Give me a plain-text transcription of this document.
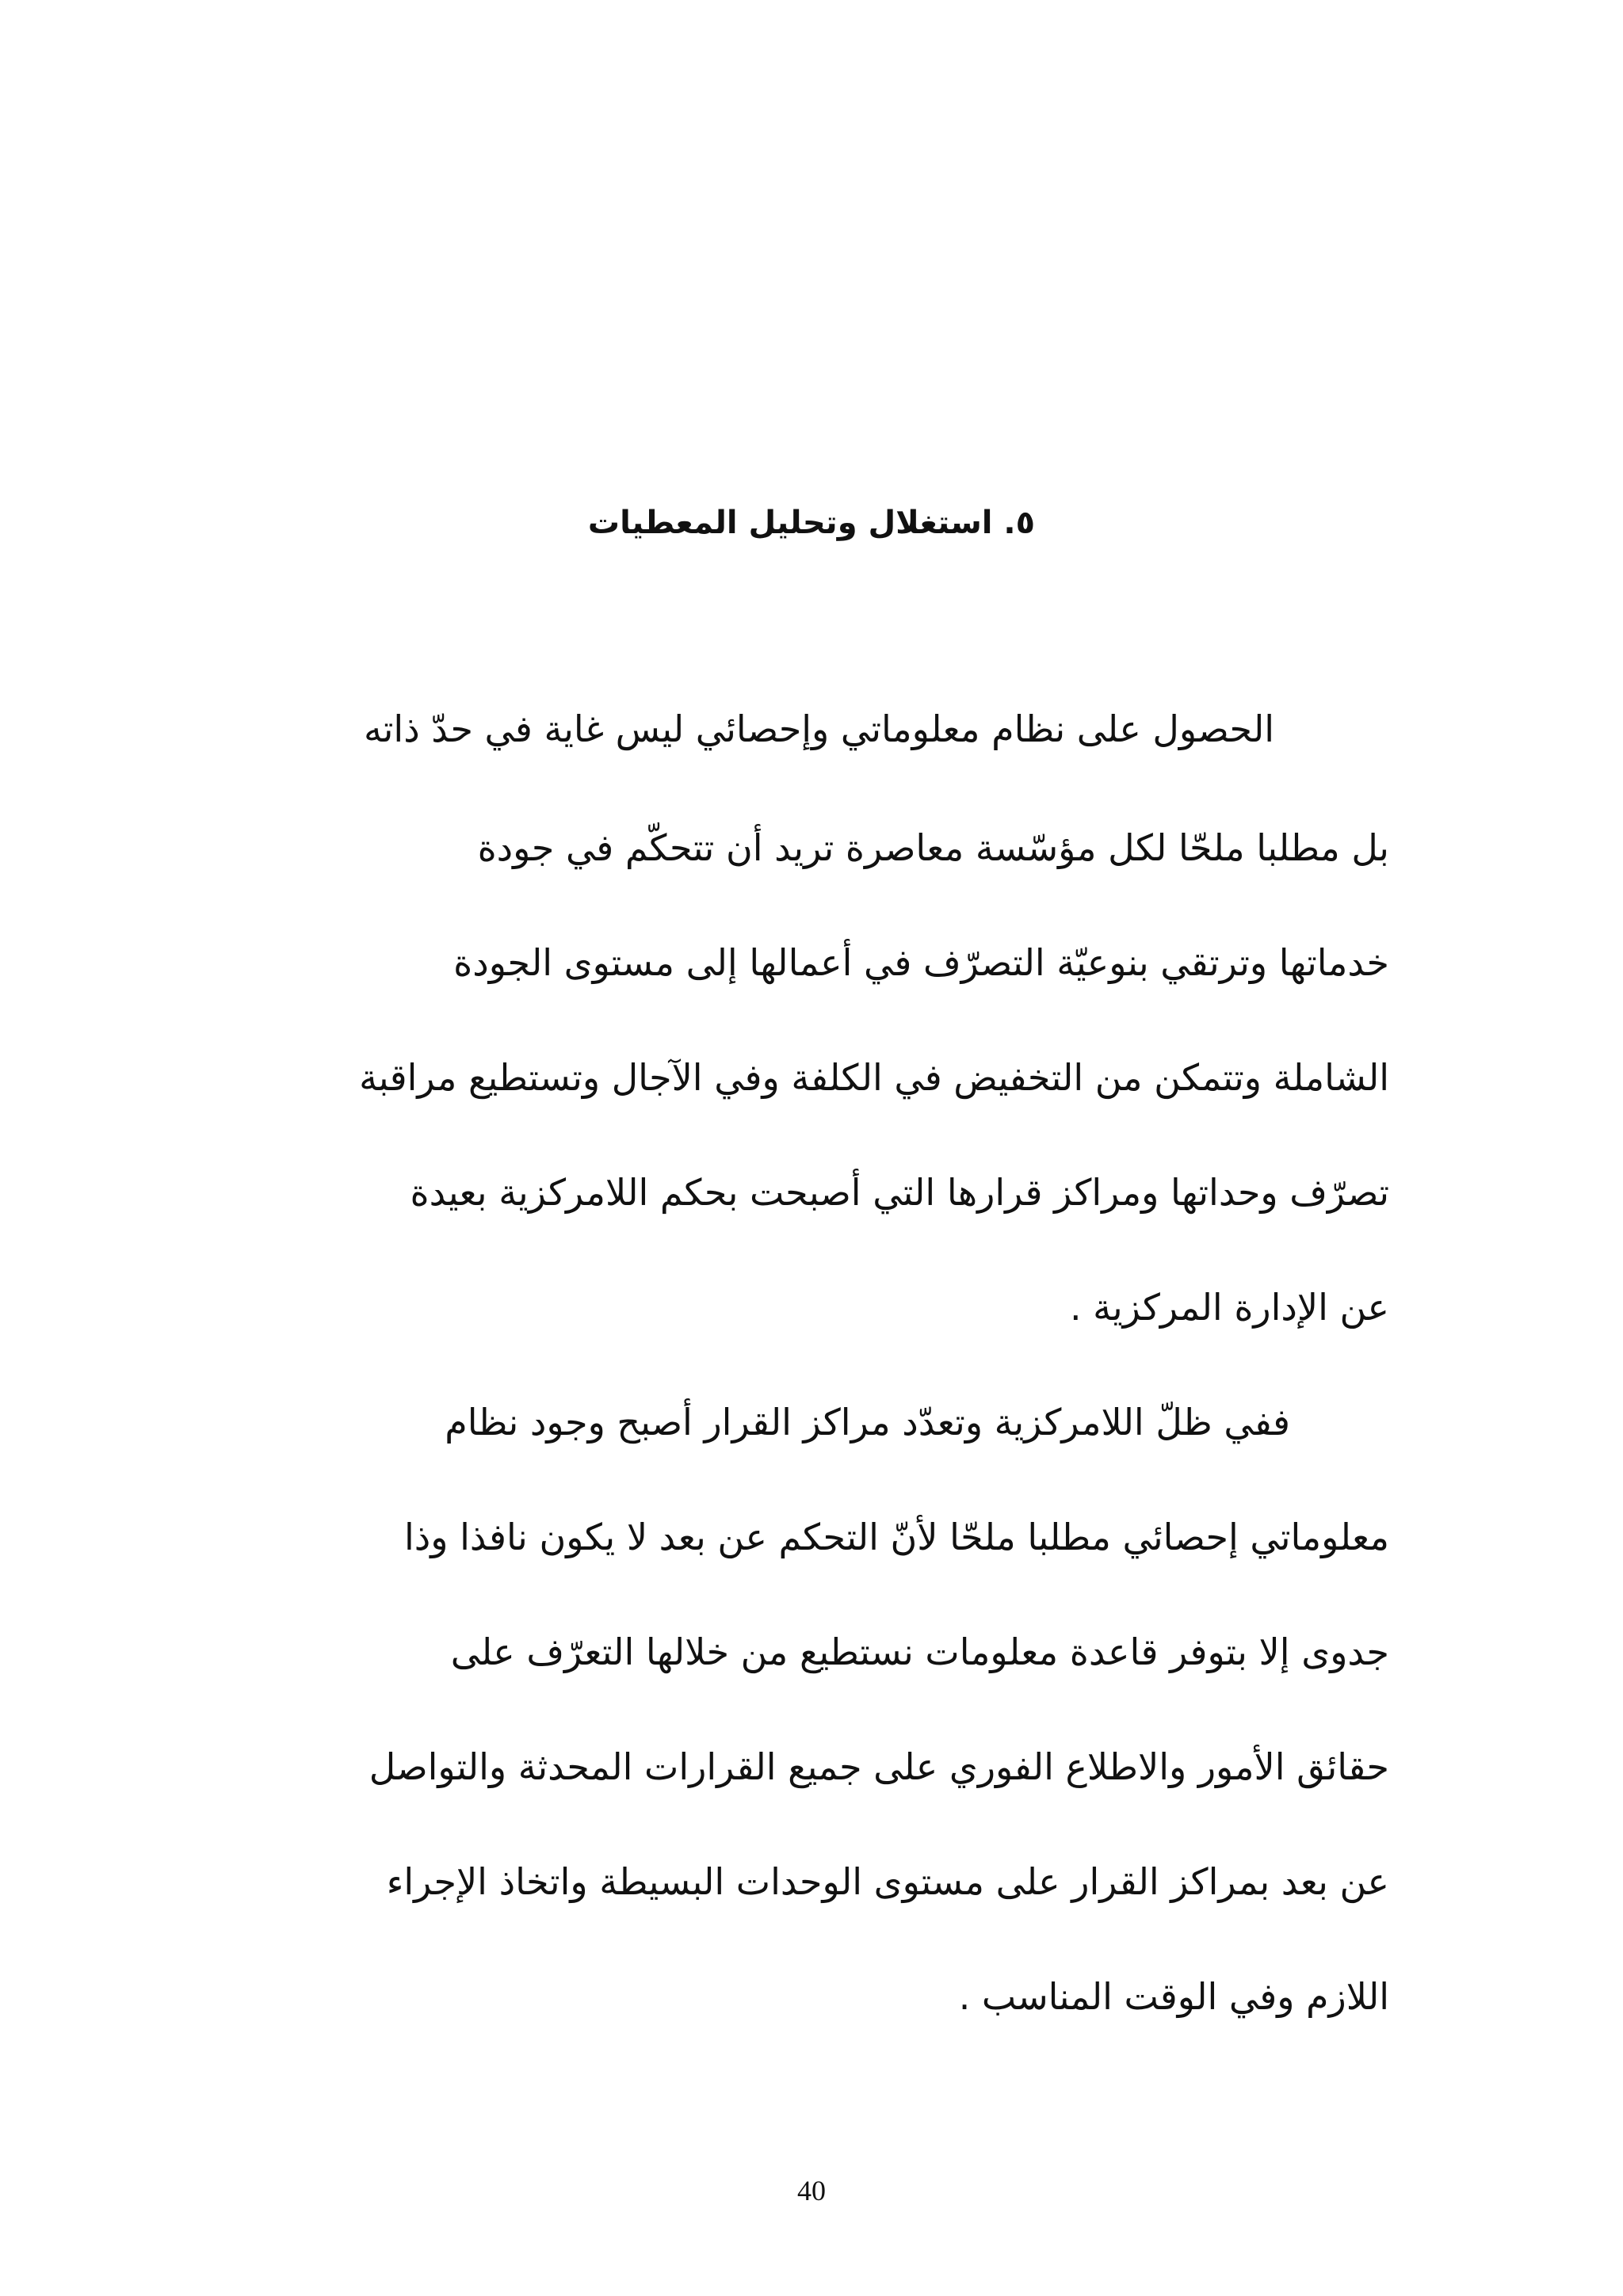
٥. استغلال وتحليل المعطيات
الحصول على نظام معلوماتي وإحصائي ليس غاية في حدّ ذاته
بل مطلبا ملحّا لكل مؤسّسة معاصرة تريد أن تتحكّم في جودة
خدماتها وترتقي بنوعيّة التصرّف في أعمالها إلى مستوى الجودة
الشاملة وتتمكن من التخفيض في الكلفة وفي الآجال وتستطيع مراقبة
تصرّف وحداتها ومراكز قرارها التي أصبحت بحكم اللامركزية بعيدة
عن الإدارة المركزية .
ففي ظلّ اللامركزية وتعدّد مراكز القرار أصبح وجود نظام
معلوماتي إحصائي مطلبا ملحّا لأنّ التحكم عن بعد لا يكون نافذا وذا
جدوى إلا بتوفر قاعدة معلومات نستطيع من خلالها التعرّف على
حقائق الأمور والاطلاع الفوري على جميع القرارات المحدثة والتواصل
عن بعد بمراكز القرار على مستوى الوحدات البسيطة واتخاذ الإجراء
اللازم وفي الوقت المناسب .
40
